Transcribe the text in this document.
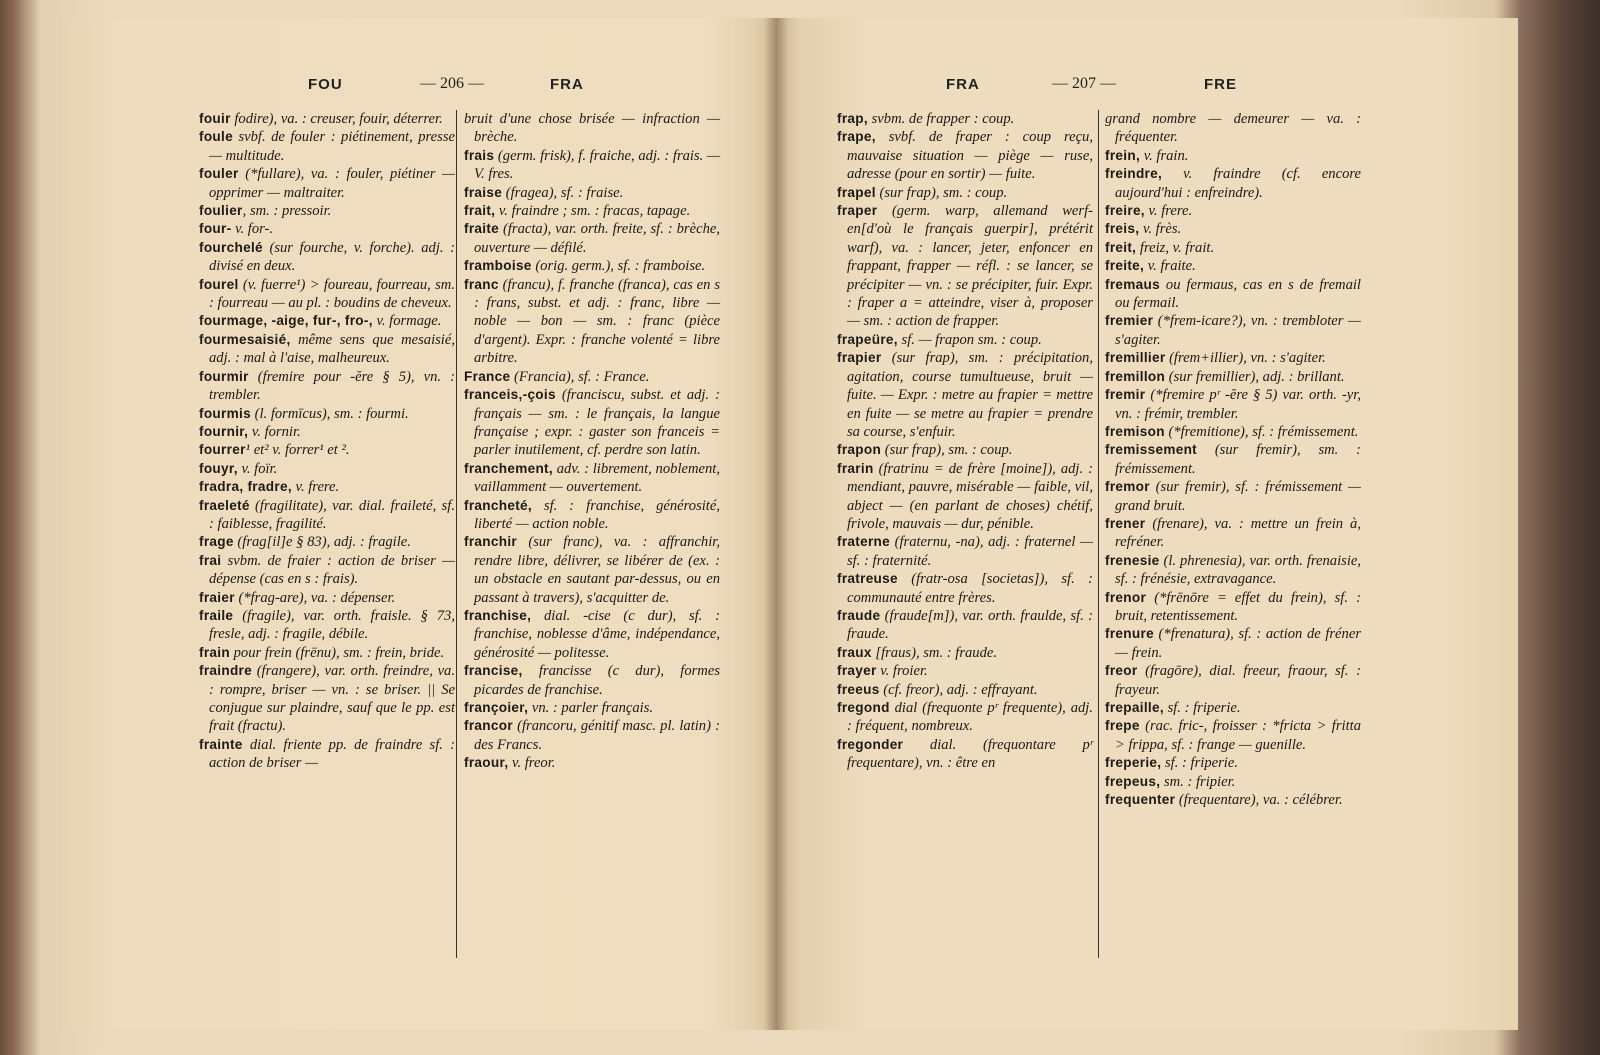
FOU	— 206 —	FRA

fouir fodire), va. : creuser, fouir, déterrer.

foule svbf. de fouler : piétinement, presse — multitude.

fouler (*fullare), va. : fouler, piétiner — opprimer — maltraiter.

foulier, sm. : pressoir.

four- v. for-.

fourchelé (sur fourche, v. forche). adj. : divisé en deux.

fourel (v. fuerre¹) > foureau, fourreau, sm. : fourreau — au pl. : boudins de cheveux.

fourmage, -aige, fur-, fro-, v. formage.

fourmesaisié, même sens que mesaisié, adj. : mal à l'aise, malheureux.

fourmir (fremire pour -ĕre § 5), vn. : trembler.

fourmis (l. formīcus), sm. : fourmi.

fournir, v. fornir.

fourrer¹ et² v. forrer¹ et ².

fouyr, v. foïr.

fradra, fradre, v. frere.

fraeleté (fragilitate), var. dial. fraileté, sf. : faiblesse, fragilité.

frage (frag[il]e § 83), adj. : fragile.

frai svbm. de fraier : action de briser — dépense (cas en s : frais).

fraier (*frag-are), va. : dépenser.

fraile (fragile), var. orth. fraisle. § 73, fresle, adj. : fragile, débile.

frain pour frein (frēnu), sm. : frein, bride.

fraindre (frangere), var. orth. freindre, va. : rompre, briser — vn. : se briser. || Se conjugue sur plaindre, sauf que le pp. est frait (fractu).

frainte dial. friente pp. de fraindre sf. : action de briser —

bruit d'une chose brisée — infraction — brèche.

frais (germ. frisk), f. fraiche, adj. : frais. — V. fres.

fraise (fragea), sf. : fraise.

frait, v. fraindre ; sm. : fracas, tapage.

fraite (fracta), var. orth. freite, sf. : brèche, ouverture — défilé.

framboise (orig. germ.), sf. : framboise.

franc (francu), f. franche (franca), cas en s : frans, subst. et adj. : franc, libre — noble — bon — sm. : franc (pièce d'argent). Expr. : franche volenté = libre arbitre.

France (Francia), sf. : France.

franceis,-çois (franciscu, subst. et adj. : français — sm. : le français, la langue française ; expr. : gaster son franceis = parler inutilement, cf. perdre son latin.

franchement, adv. : librement, noblement, vaillamment — ouvertement.

francheté, sf. : franchise, générosité, liberté — action noble.

franchir (sur franc), va. : affranchir, rendre libre, délivrer, se libérer de (ex. : un obstacle en sautant par-dessus, ou en passant à travers), s'acquitter de.

franchise, dial. -cise (c dur), sf. : franchise, noblesse d'âme, indépendance, générosité — politesse.

francise, francisse (c dur), formes picardes de franchise.

françoier, vn. : parler français.

francor (francoru, génitif masc. pl. latin) : des Francs.

fraour, v. freor.

FRA	— 207 —	FRE

frap, svbm. de frapper : coup.

frape, svbf. de fraper : coup reçu, mauvaise situation — piège — ruse, adresse (pour en sortir) — fuite.

frapel (sur frap), sm. : coup.

fraper (germ. warp, allemand werf-en[d'où le français guerpir], prétérit warf), va. : lancer, jeter, enfoncer en frappant, frapper — réfl. : se lancer, se précipiter — vn. : se précipiter, fuir. Expr. : fraper a = atteindre, viser à, proposer — sm. : action de frapper.

frapeüre, sf. — frapon sm. : coup.

frapier (sur frap), sm. : précipitation, agitation, course tumultueuse, bruit — fuite. — Expr. : metre au frapier = mettre en fuite — se metre au frapier = prendre sa course, s'enfuir.

frapon (sur frap), sm. : coup.

frarin (fratrinu = de frère [moine]), adj. : mendiant, pauvre, misérable — faible, vil, abject — (en parlant de choses) chétif, frivole, mauvais — dur, pénible.

fraterne (fraternu, -na), adj. : fraternel — sf. : fraternité.

fratreuse (fratr-osa [societas]), sf. : communauté entre frères.

fraude (fraude[m]), var. orth. fraulde, sf. : fraude.

fraux [fraus), sm. : fraude.

frayer v. froier.

freeus (cf. freor), adj. : effrayant.

fregond dial (frequonte pʳ frequente), adj. : fréquent, nombreux.

fregonder dial. (frequontare pʳ frequentare), vn. : être en

grand nombre — demeurer — va. : fréquenter.

frein, v. frain.

freindre, v. fraindre (cf. encore aujourd'hui : enfreindre).

freire, v. frere.

freis, v. frès.

freit, freiz, v. frait.

freite, v. fraite.

fremaus ou fermaus, cas en s de fremail ou fermail.

fremier (*frem-icare?), vn. : trembloter — s'agiter.

fremillier (frem+illier), vn. : s'agiter.

fremillon (sur fremillier), adj. : brillant.

fremir (*fremire pʳ -ĕre § 5) var. orth. -yr, vn. : frémir, trembler.

fremison (*fremitione), sf. : frémissement.

fremissement (sur fremir), sm. : frémissement.

fremor (sur fremir), sf. : frémissement — grand bruit.

frener (frenare), va. : mettre un frein à, refréner.

frenesie (l. phrenesia), var. orth. frenaisie, sf. : frénésie, extravagance.

frenor (*frēnōre = effet du frein), sf. : bruit, retentissement.

frenure (*frenatura), sf. : action de fréner — frein.

freor (fragōre), dial. freeur, fraour, sf. : frayeur.

frepaille, sf. : friperie.

frepe (rac. fric-, froisser : *fricta > fritta > frippa, sf. : frange — guenille.

freperie, sf. : friperie.

frepeus, sm. : fripier.

frequenter (frequentare), va. : célébrer.
